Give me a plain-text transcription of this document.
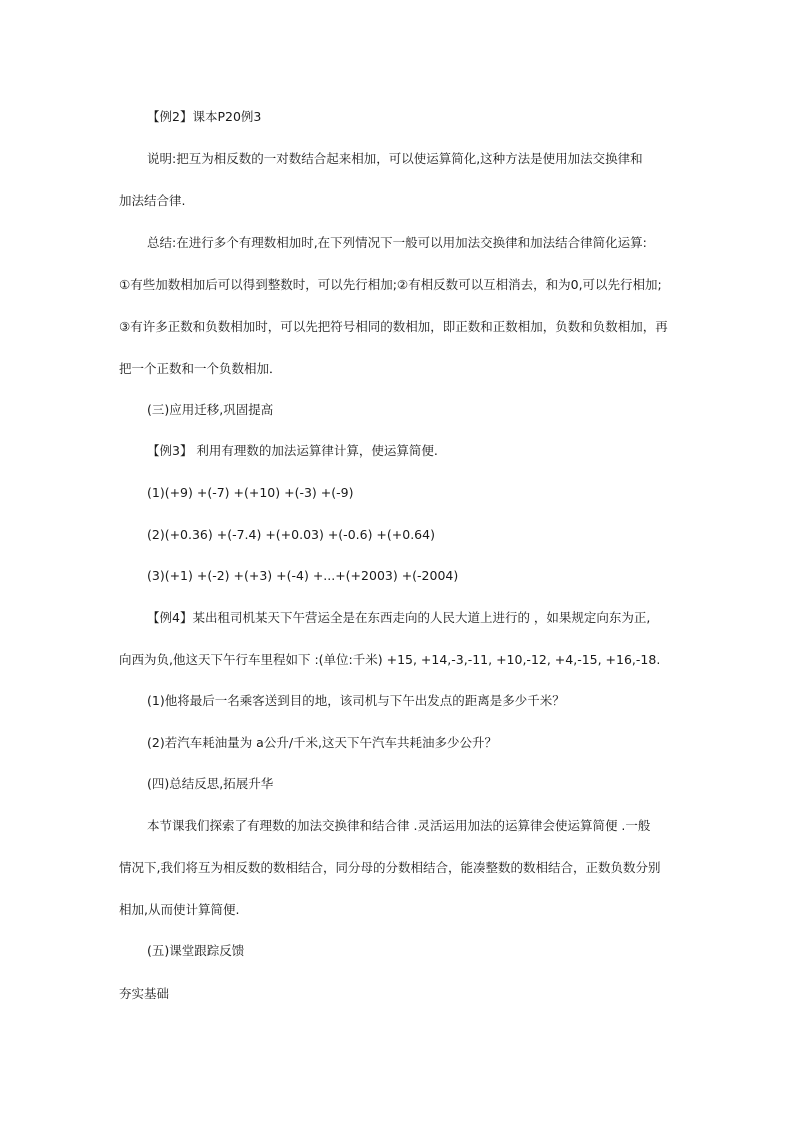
【例2】课本P20例3
说明:把互为相反数的一对数结合起来相加，可以使运算简化,这种方法是使用加法交换律和
加法结合律.
总结:在进行多个有理数相加时,在下列情况下一般可以用加法交换律和加法结合律简化运算:
①有些加数相加后可以得到整数时，可以先行相加;②有相反数可以互相消去，和为0,可以先行相加;
③有许多正数和负数相加时，可以先把符号相同的数相加，即正数和正数相加，负数和负数相加，再
把一个正数和一个负数相加．
(三)应用迁移,巩固提高
【例3】 利用有理数的加法运算律计算，使运算简便.
(1)(+9) +(-7) +(+10) +(-3) +(-9)
(2)(+0.36) +(-7.4) +(+0.03) +(-0.6) +(+0.64)
(3)(+1) +(-2) +(+3) +(-4) +...+(+2003) +(-2004)
【例4】某出租司机某天下午营运全是在东西走向的人民大道上进行的 ，如果规定向东为正,
向西为负,他这天下午行车里程如下 :(单位:千米) +15, +14,-3,-11, +10,-12, +4,-15, +16,-18.
(1)他将最后一名乘客送到目的地，该司机与下午出发点的距离是多少千米？
(2)若汽车耗油量为 a公升/千米,这天下午汽车共耗油多少公升？
(四)总结反思,拓展升华
本节课我们探索了有理数的加法交换律和结合律 .灵活运用加法的运算律会使运算简便 .一般
情况下,我们将互为相反数的数相结合，同分母的分数相结合，能凑整数的数相结合，正数负数分别
相加,从而使计算简便.
(五)课堂跟踪反馈
夯实基础
